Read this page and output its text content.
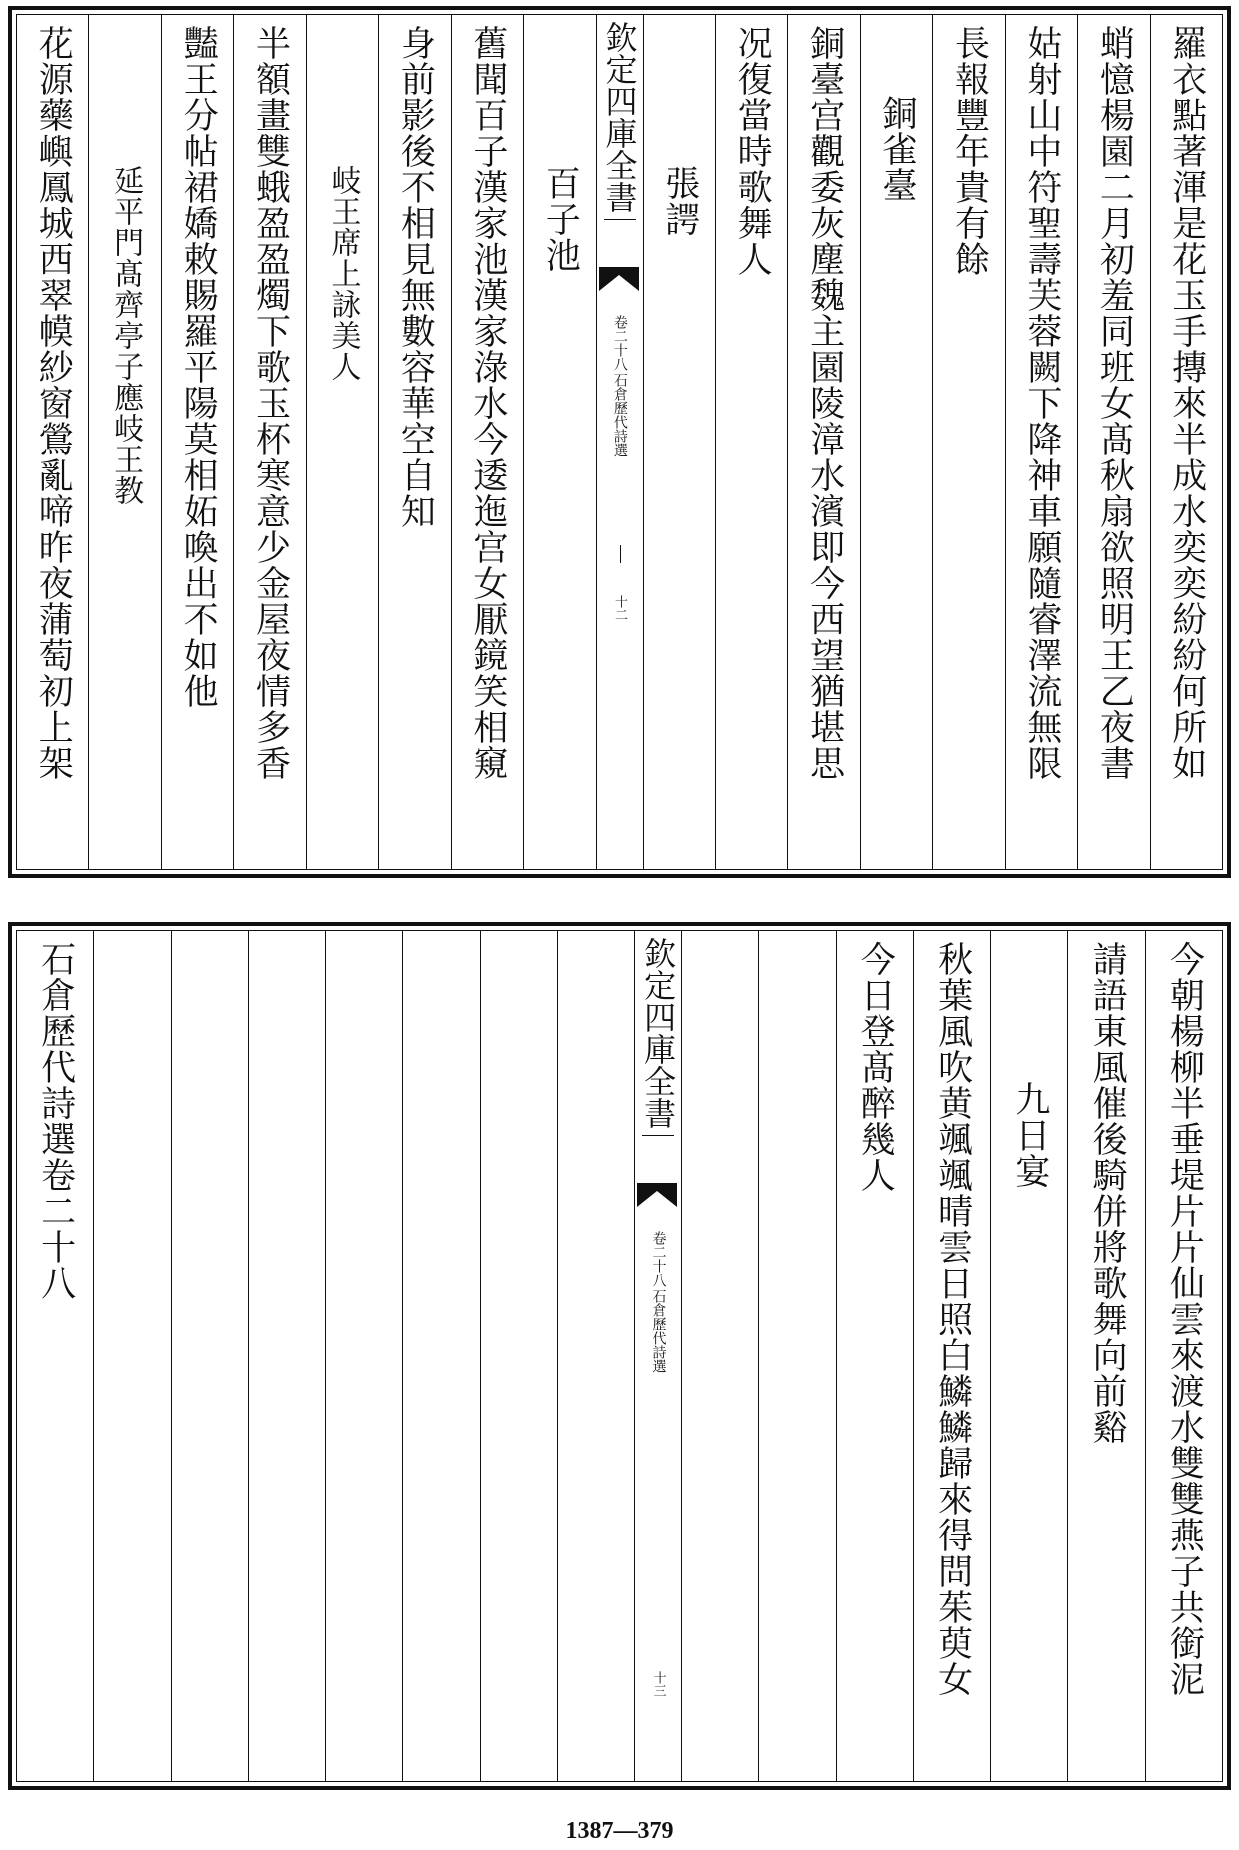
羅衣點著渾是花玉手摶來半成水奕奕紛紛何所如
蛸憶楊園二月初羞同班女髙秋扇欲照明王乙夜書
姑射山中符聖壽芙蓉闕下降神車願隨睿澤流無限
長報豐年貴有餘
銅雀臺
銅臺宫觀委灰塵魏主園陵漳水濱即今西望猶堪思
况復當時歌舞人
張諤
欽定四庫全書
石倉歷代詩選
卷二十八
十二
百子池
舊聞百子漢家池漢家淥水今逶迤宫女厭鏡笑相窺
身前影後不相見無數容華空自知
岐王席上詠美人
半額畫雙蛾盈盈燭下歌玉杯寒意少金屋夜情多香
豔王分帖裙嬌敕賜羅平陽莫相妬喚出不如他
延平門髙齊亭子應岐王教
花源藥嶼鳳城西翠幙紗窗鶯亂啼昨夜蒲萄初上架
今朝楊柳半垂堤片片仙雲來渡水雙雙燕子共銜泥
請語東風催後騎併將歌舞向前谿
九日宴
秋葉風吹黄颯颯晴雲日照白鱗鱗歸來得問茱萸女
今日登髙醉幾人
欽定四庫全書
石倉歷代詩選
卷二十八
十三
石倉歷代詩選卷二十八
1387—379
